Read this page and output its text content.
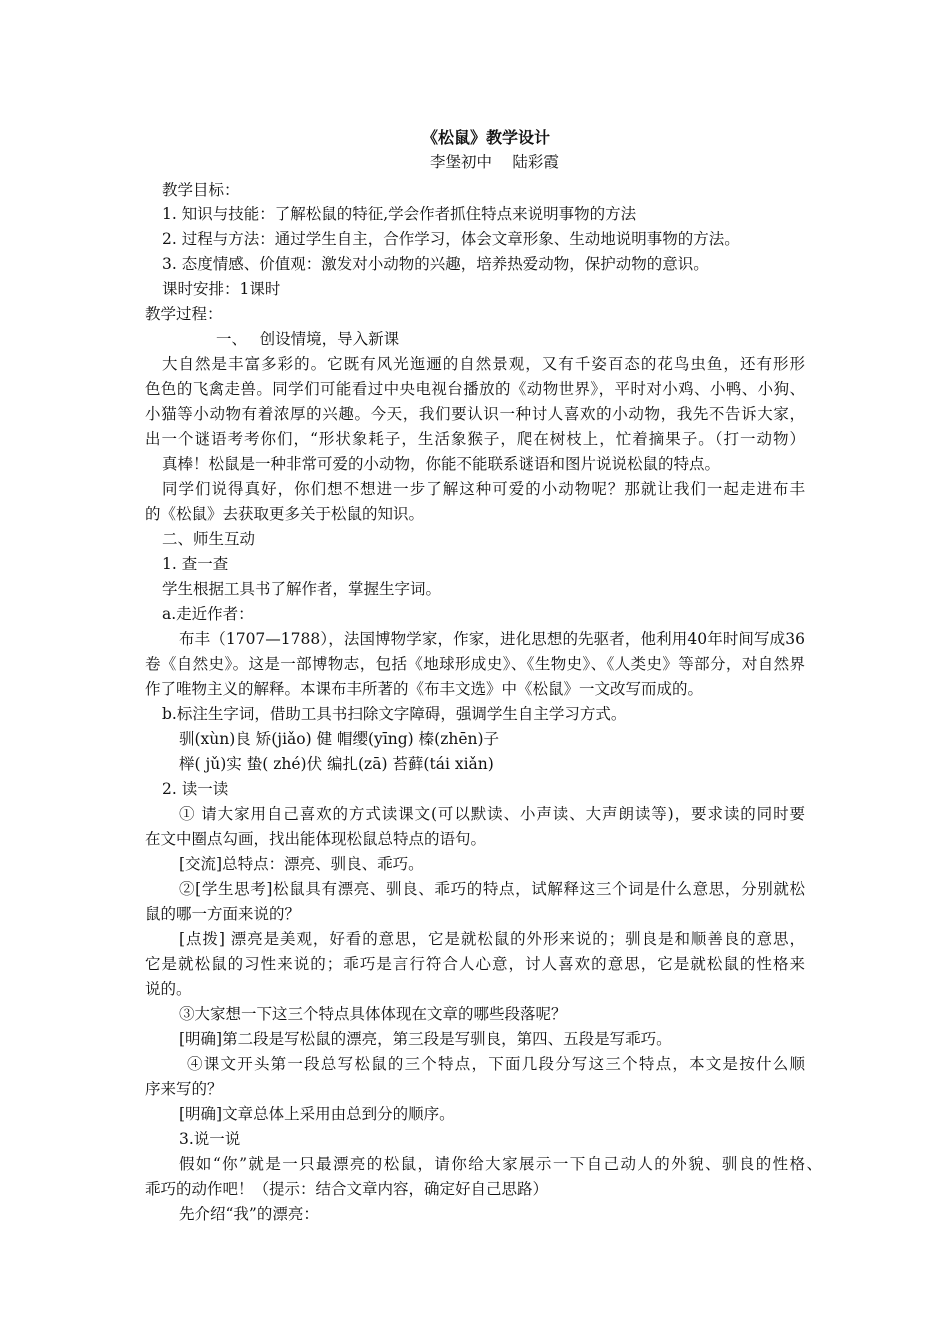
《松鼠》教学设计
李堡初中　 陆彩霞
教学目标：
1. 知识与技能：了解松鼠的特征,学会作者抓住特点来说明事物的方法
2. 过程与方法：通过学生自主，合作学习，体会文章形象、生动地说明事物的方法。
3. 态度情感、价值观：激发对小动物的兴趣，培养热爱动物，保护动物的意识。
课时安排：1课时
教学过程：
一、　 创设情境，导入新课
大自然是丰富多彩的。它既有风光迤逦的自然景观，又有千姿百态的花鸟虫鱼，还有形形
色色的飞禽走兽。同学们可能看过中央电视台播放的《动物世界》，平时对小鸡、小鸭、小狗、
小猫等小动物有着浓厚的兴趣。今天，我们要认识一种讨人喜欢的小动物，我先不告诉大家，
出一个谜语考考你们，“形状象耗子，生活象猴子，爬在树枝上，忙着摘果子。（打一动物）
真棒！松鼠是一种非常可爱的小动物，你能不能联系谜语和图片说说松鼠的特点。
同学们说得真好，你们想不想进一步了解这种可爱的小动物呢？那就让我们一起走进布丰
的《松鼠》去获取更多关于松鼠的知识。
二、师生互动
1. 查一查
学生根据工具书了解作者，掌握生字词。
a.走近作者：
布丰（1707—1788），法国博物学家，作家，进化思想的先驱者，他利用40年时间写成36
卷《自然史》。这是一部博物志，包括《地球形成史》、《生物史》、《人类史》等部分，对自然界
作了唯物主义的解释。本课布丰所著的《布丰文选》中《松鼠》一文改写而成的。
b.标注生字词，借助工具书扫除文字障碍，强调学生自主学习方式。
驯(xùn)良 矫(jiǎo) 健 帽缨(yīng) 榛(zhēn)子
榉( jǔ)实 蛰( zhé)伏 编扎(zā) 苔藓(tái xiǎn)
2. 读一读
① 请大家用自己喜欢的方式读课文(可以默读、小声读、大声朗读等)，要求读的同时要
在文中圈点勾画，找出能体现松鼠总特点的语句。
[交流]总特点：漂亮、驯良、乖巧。
②[学生思考]松鼠具有漂亮、驯良、乖巧的特点，试解释这三个词是什么意思，分别就松
鼠的哪一方面来说的？
[点拨] 漂亮是美观，好看的意思，它是就松鼠的外形来说的；驯良是和顺善良的意思，
它是就松鼠的习性来说的；乖巧是言行符合人心意，讨人喜欢的意思，它是就松鼠的性格来
说的。
③大家想一下这三个特点具体体现在文章的哪些段落呢？
[明确]第二段是写松鼠的漂亮，第三段是写驯良，第四、五段是写乖巧。
④课文开头第一段总写松鼠的三个特点，下面几段分写这三个特点，本文是按什么顺
序来写的？
[明确]文章总体上采用由总到分的顺序。
3.说一说
假如“你”就是一只最漂亮的松鼠，请你给大家展示一下自己动人的外貌、驯良的性格、
乖巧的动作吧！（提示：结合文章内容，确定好自己思路）
先介绍“我”的漂亮：
